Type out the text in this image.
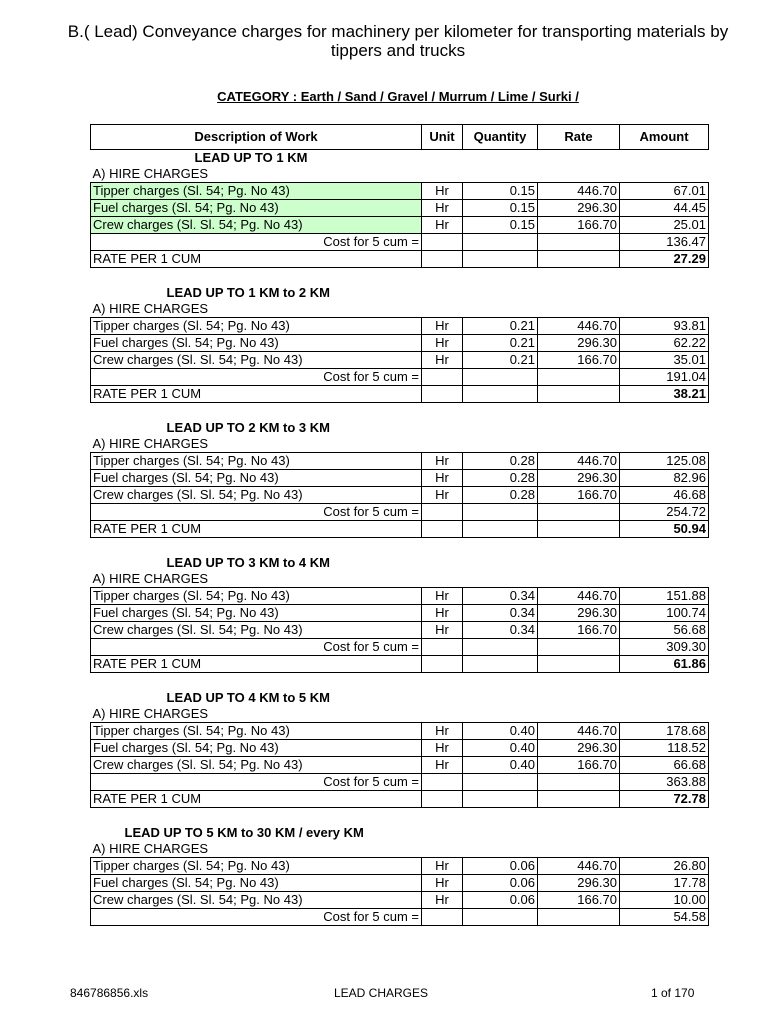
B.( Lead) Conveyance charges for machinery per kilometer for transporting materials by tippers and trucks
CATEGORY : Earth / Sand / Gravel / Murrum / Lime / Surki /
Description of Work	Unit	Quantity	Rate	Amount
LEAD UP TO 1 KM				
A) HIRE CHARGES				
Tipper charges (Sl. 54; Pg. No 43)	Hr	0.15	446.70	67.01
Fuel charges (Sl. 54; Pg. No 43)	Hr	0.15	296.30	44.45
Crew charges (Sl. Sl. 54; Pg. No 43)	Hr	0.15	166.70	25.01
Cost for 5 cum =				136.47
RATE PER 1 CUM				27.29

LEAD UP TO 1 KM to 2 KM				
A) HIRE CHARGES				
Tipper charges (Sl. 54; Pg. No 43)	Hr	0.21	446.70	93.81
Fuel charges (Sl. 54; Pg. No 43)	Hr	0.21	296.30	62.22
Crew charges (Sl. Sl. 54; Pg. No 43)	Hr	0.21	166.70	35.01
Cost for 5 cum =				191.04
RATE PER 1 CUM				38.21

LEAD UP TO 2 KM to 3 KM				
A) HIRE CHARGES				
Tipper charges (Sl. 54; Pg. No 43)	Hr	0.28	446.70	125.08
Fuel charges (Sl. 54; Pg. No 43)	Hr	0.28	296.30	82.96
Crew charges (Sl. Sl. 54; Pg. No 43)	Hr	0.28	166.70	46.68
Cost for 5 cum =				254.72
RATE PER 1 CUM				50.94

LEAD UP TO 3 KM to 4 KM				
A) HIRE CHARGES				
Tipper charges (Sl. 54; Pg. No 43)	Hr	0.34	446.70	151.88
Fuel charges (Sl. 54; Pg. No 43)	Hr	0.34	296.30	100.74
Crew charges (Sl. Sl. 54; Pg. No 43)	Hr	0.34	166.70	56.68
Cost for 5 cum =				309.30
RATE PER 1 CUM				61.86

LEAD UP TO 4 KM to 5 KM				
A) HIRE CHARGES				
Tipper charges (Sl. 54; Pg. No 43)	Hr	0.40	446.70	178.68
Fuel charges (Sl. 54; Pg. No 43)	Hr	0.40	296.30	118.52
Crew charges (Sl. Sl. 54; Pg. No 43)	Hr	0.40	166.70	66.68
Cost for 5 cum =				363.88
RATE PER 1 CUM				72.78

LEAD UP TO 5 KM to 30 KM / every KM				
A) HIRE CHARGES				
Tipper charges (Sl. 54; Pg. No 43)	Hr	0.06	446.70	26.80
Fuel charges (Sl. 54; Pg. No 43)	Hr	0.06	296.30	17.78
Crew charges (Sl. Sl. 54; Pg. No 43)	Hr	0.06	166.70	10.00
Cost for 5 cum =				54.58
846786856.xls	LEAD CHARGES	1 of 170
